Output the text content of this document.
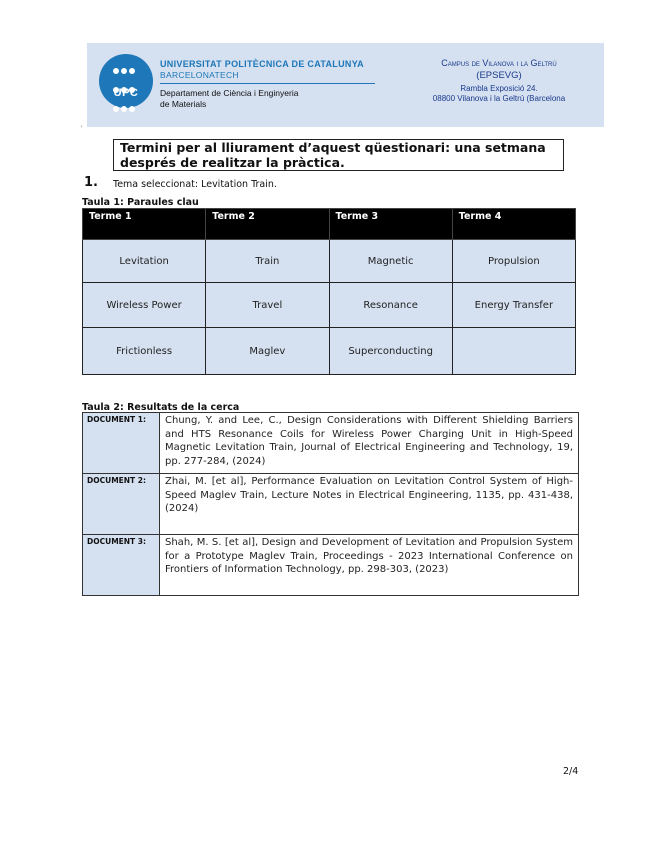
UPC
UNIVERSITAT POLITÈCNICA DE CATALUNYA
BARCELONATECH
Departament de Ciència i Enginyeria
de Materials
Campus de Vilanova i la Geltrú
(EPSEVG)
Rambla Exposició 24.
08800 Vilanova i la Geltrú (Barcelona
'
Termini per al lliurament d’aquest qüestionari: una setmana després de realitzar la pràctica.
1. Tema seleccionat: Levitation Train.
Taula 1: Paraules clau
Terme 1	Terme 2	Terme 3	Terme 4
Levitation	Train	Magnetic	Propulsion
Wireless Power	Travel	Resonance	Energy Transfer
Frictionless	Maglev	Superconducting	
Taula 2: Resultats de la cerca
DOCUMENT 1:	Chung, Y. and Lee, C., Design Considerations with Different Shielding Barriers and HTS Resonance Coils for Wireless Power Charging Unit in High-Speed Magnetic Levitation Train, Journal of Electrical Engineering and Technology, 19, pp. 277-284, (2024)
DOCUMENT 2:	Zhai, M. [et al], Performance Evaluation on Levitation Control System of High-Speed Maglev Train, Lecture Notes in Electrical Engineering, 1135, pp. 431-438, (2024)
DOCUMENT 3:	Shah, M. S. [et al], Design and Development of Levitation and Propulsion System for a Prototype Maglev Train, Proceedings - 2023 International Conference on Frontiers of Information Technology, pp. 298-303, (2023)
2/4
